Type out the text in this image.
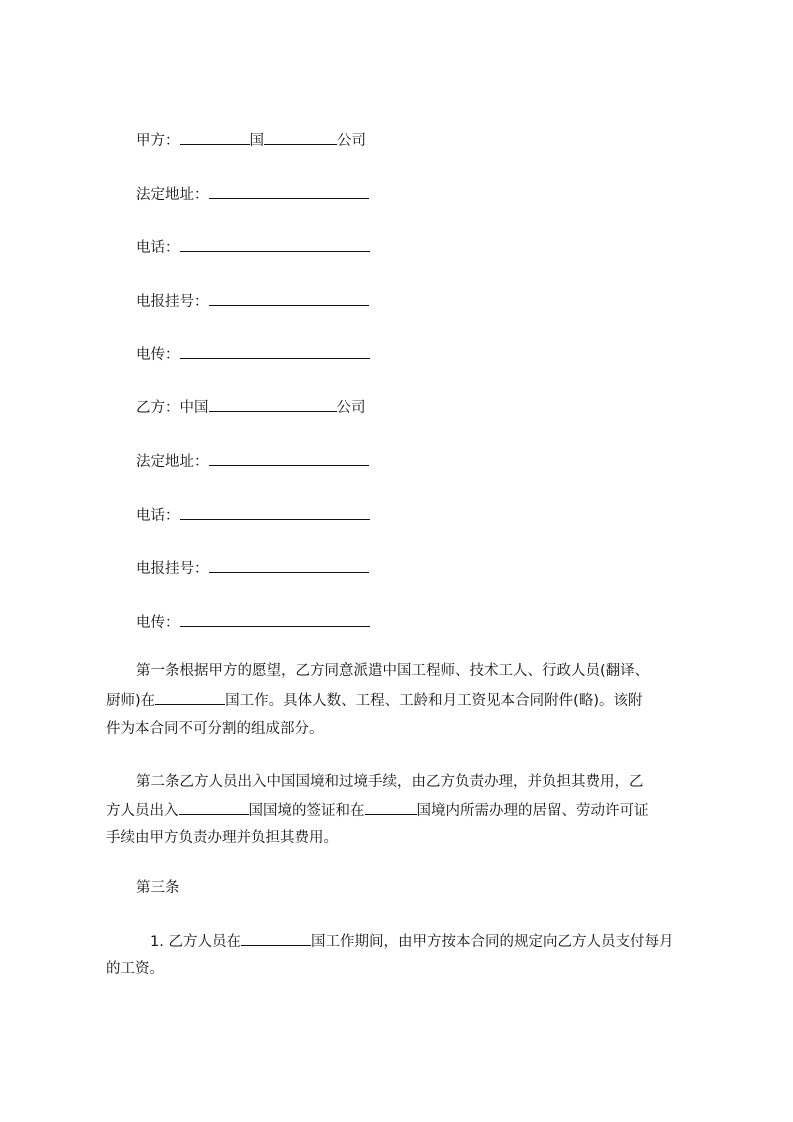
甲方：	国	公司
法定地址：
电话：
电报挂号：
电传：
乙方：中国	公司
法定地址：
电话：
电报挂号：
电传：
第一条根据甲方的愿望，乙方同意派遣中国工程师、技术工人、行政人员(翻译、
厨师)在	国工作。具体人数、工程、工龄和月工资见本合同附件(略)。该附
件为本合同不可分割的组成部分。
第二条乙方人员出入中国国境和过境手续，由乙方负责办理，并负担其费用，乙
方人员出入	国国境的签证和在	国境内所需办理的居留、劳动许可证
手续由甲方负责办理并负担其费用。
第三条
1. 乙方人员在	国工作期间，由甲方按本合同的规定向乙方人员支付每月
的工资。
